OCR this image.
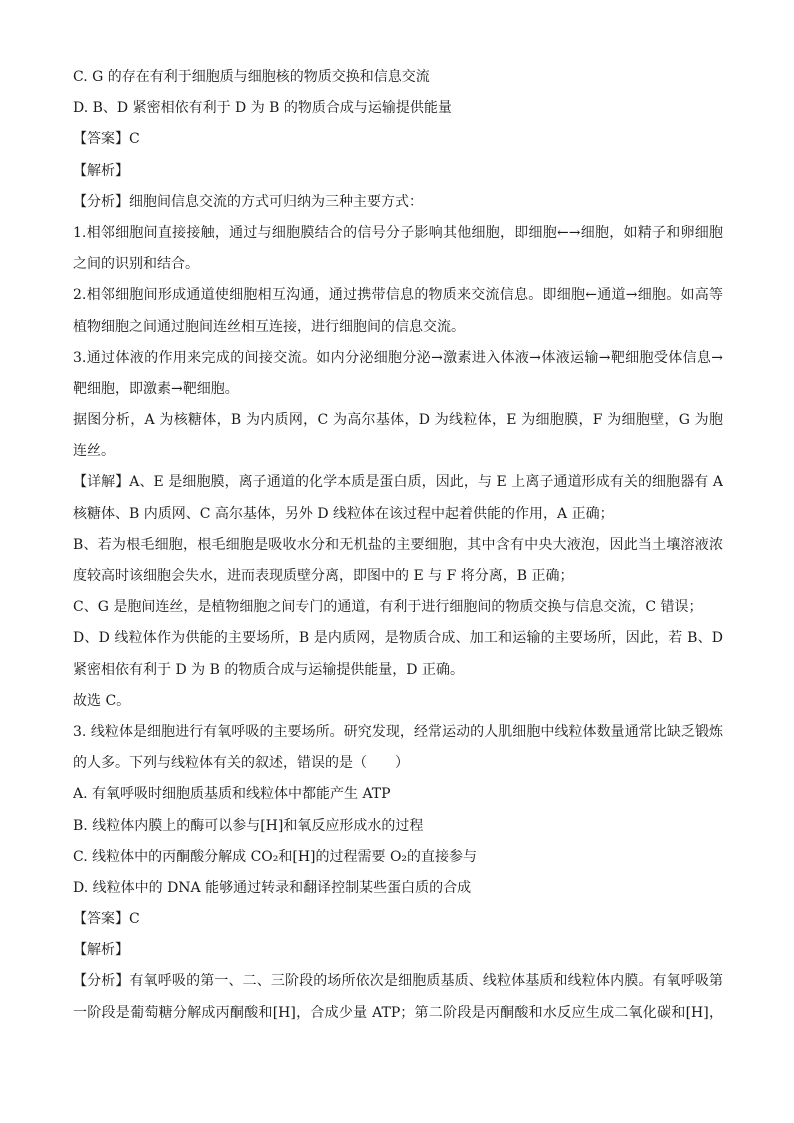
C. G 的存在有利于细胞质与细胞核的物质交换和信息交流
D. B、D 紧密相依有利于 D 为 B 的物质合成与运输提供能量
【答案】C
【解析】
【分析】细胞间信息交流的方式可归纳为三种主要方式：
1.相邻细胞间直接接触，通过与细胞膜结合的信号分子影响其他细胞，即细胞←→细胞，如精子和卵细胞
之间的识别和结合。
2.相邻细胞间形成通道使细胞相互沟通，通过携带信息的物质来交流信息。即细胞←通道→细胞。如高等
植物细胞之间通过胞间连丝相互连接，进行细胞间的信息交流。
3.通过体液的作用来完成的间接交流。如内分泌细胞分泌→激素进入体液→体液运输→靶细胞受体信息→
靶细胞，即激素→靶细胞。
据图分析，A 为核糖体，B 为内质网，C 为高尔基体，D 为线粒体，E 为细胞膜，F 为细胞壁，G 为胞
连丝。
【详解】A、E 是细胞膜，离子通道的化学本质是蛋白质，因此，与 E 上离子通道形成有关的细胞器有 A
核糖体、B 内质网、C 高尔基体，另外 D 线粒体在该过程中起着供能的作用，A 正确；
B、若为根毛细胞，根毛细胞是吸收水分和无机盐的主要细胞，其中含有中央大液泡，因此当土壤溶液浓
度较高时该细胞会失水，进而表现质壁分离，即图中的 E 与 F 将分离，B 正确；
C、G 是胞间连丝，是植物细胞之间专门的通道，有利于进行细胞间的物质交换与信息交流，C 错误；
D、D 线粒体作为供能的主要场所，B 是内质网，是物质合成、加工和运输的主要场所，因此，若 B、D
紧密相依有利于 D 为 B 的物质合成与运输提供能量，D 正确。
故选 C。
3. 线粒体是细胞进行有氧呼吸的主要场所。研究发现，经常运动的人肌细胞中线粒体数量通常比缺乏锻炼
的人多。下列与线粒体有关的叙述，错误的是（　　）
A. 有氧呼吸时细胞质基质和线粒体中都能产生 ATP
B. 线粒体内膜上的酶可以参与[H]和氧反应形成水的过程
C. 线粒体中的丙酮酸分解成 CO₂和[H]的过程需要 O₂的直接参与
D. 线粒体中的 DNA 能够通过转录和翻译控制某些蛋白质的合成
【答案】C
【解析】
【分析】有氧呼吸的第一、二、三阶段的场所依次是细胞质基质、线粒体基质和线粒体内膜。有氧呼吸第
一阶段是葡萄糖分解成丙酮酸和[H]，合成少量 ATP；第二阶段是丙酮酸和水反应生成二氧化碳和[H]，
